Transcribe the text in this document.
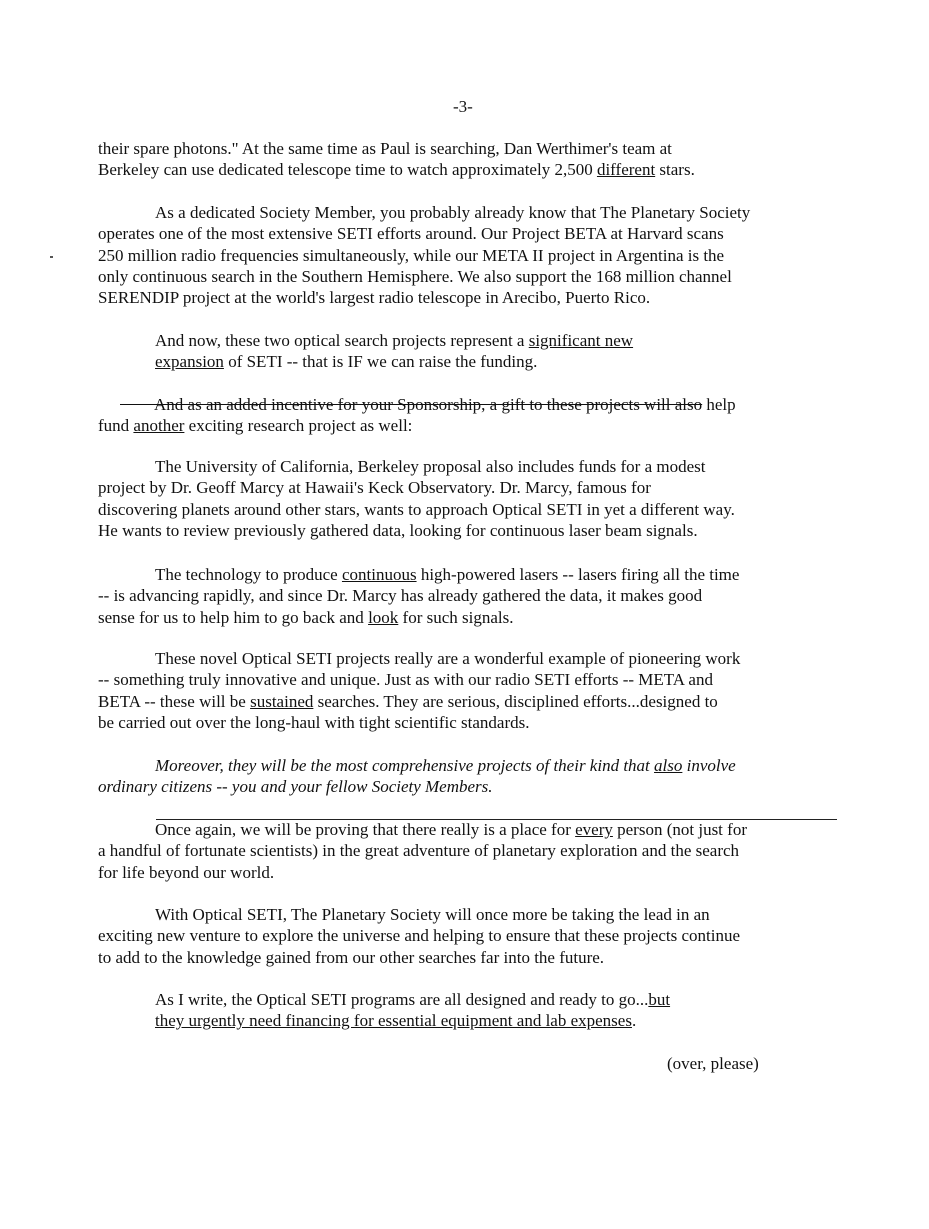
-3-
their spare photons." At the same time as Paul is searching, Dan Werthimer's team at
Berkeley can use dedicated telescope time to watch approximately 2,500 different stars.
As a dedicated Society Member, you probably already know that The Planetary Society
operates one of the most extensive SETI efforts around. Our Project BETA at Harvard scans
250 million radio frequencies simultaneously, while our META II project in Argentina is the
only continuous search in the Southern Hemisphere. We also support the 168 million channel
SERENDIP project at the world's largest radio telescope in Arecibo, Puerto Rico.
And now, these two optical search projects represent a significant new
expansion of SETI -- that is IF we can raise the funding.
And as an added incentive for your Sponsorship, a gift to these projects will also help
fund another exciting research project as well:
The University of California, Berkeley proposal also includes funds for a modest
project by Dr. Geoff Marcy at Hawaii's Keck Observatory. Dr. Marcy, famous for
discovering planets around other stars, wants to approach Optical SETI in yet a different way.
He wants to review previously gathered data, looking for continuous laser beam signals.
The technology to produce continuous high-powered lasers -- lasers firing all the time
-- is advancing rapidly, and since Dr. Marcy has already gathered the data, it makes good
sense for us to help him to go back and look for such signals.
These novel Optical SETI projects really are a wonderful example of pioneering work
-- something truly innovative and unique. Just as with our radio SETI efforts -- META and
BETA -- these will be sustained searches. They are serious, disciplined efforts...designed to
be carried out over the long-haul with tight scientific standards.
Moreover, they will be the most comprehensive projects of their kind that also involve
ordinary citizens -- you and your fellow Society Members.
Once again, we will be proving that there really is a place for every person (not just for
a handful of fortunate scientists) in the great adventure of planetary exploration and the search
for life beyond our world.
With Optical SETI, The Planetary Society will once more be taking the lead in an
exciting new venture to explore the universe and helping to ensure that these projects continue
to add to the knowledge gained from our other searches far into the future.
As I write, the Optical SETI programs are all designed and ready to go...but
they urgently need financing for essential equipment and lab expenses.
(over, please)
